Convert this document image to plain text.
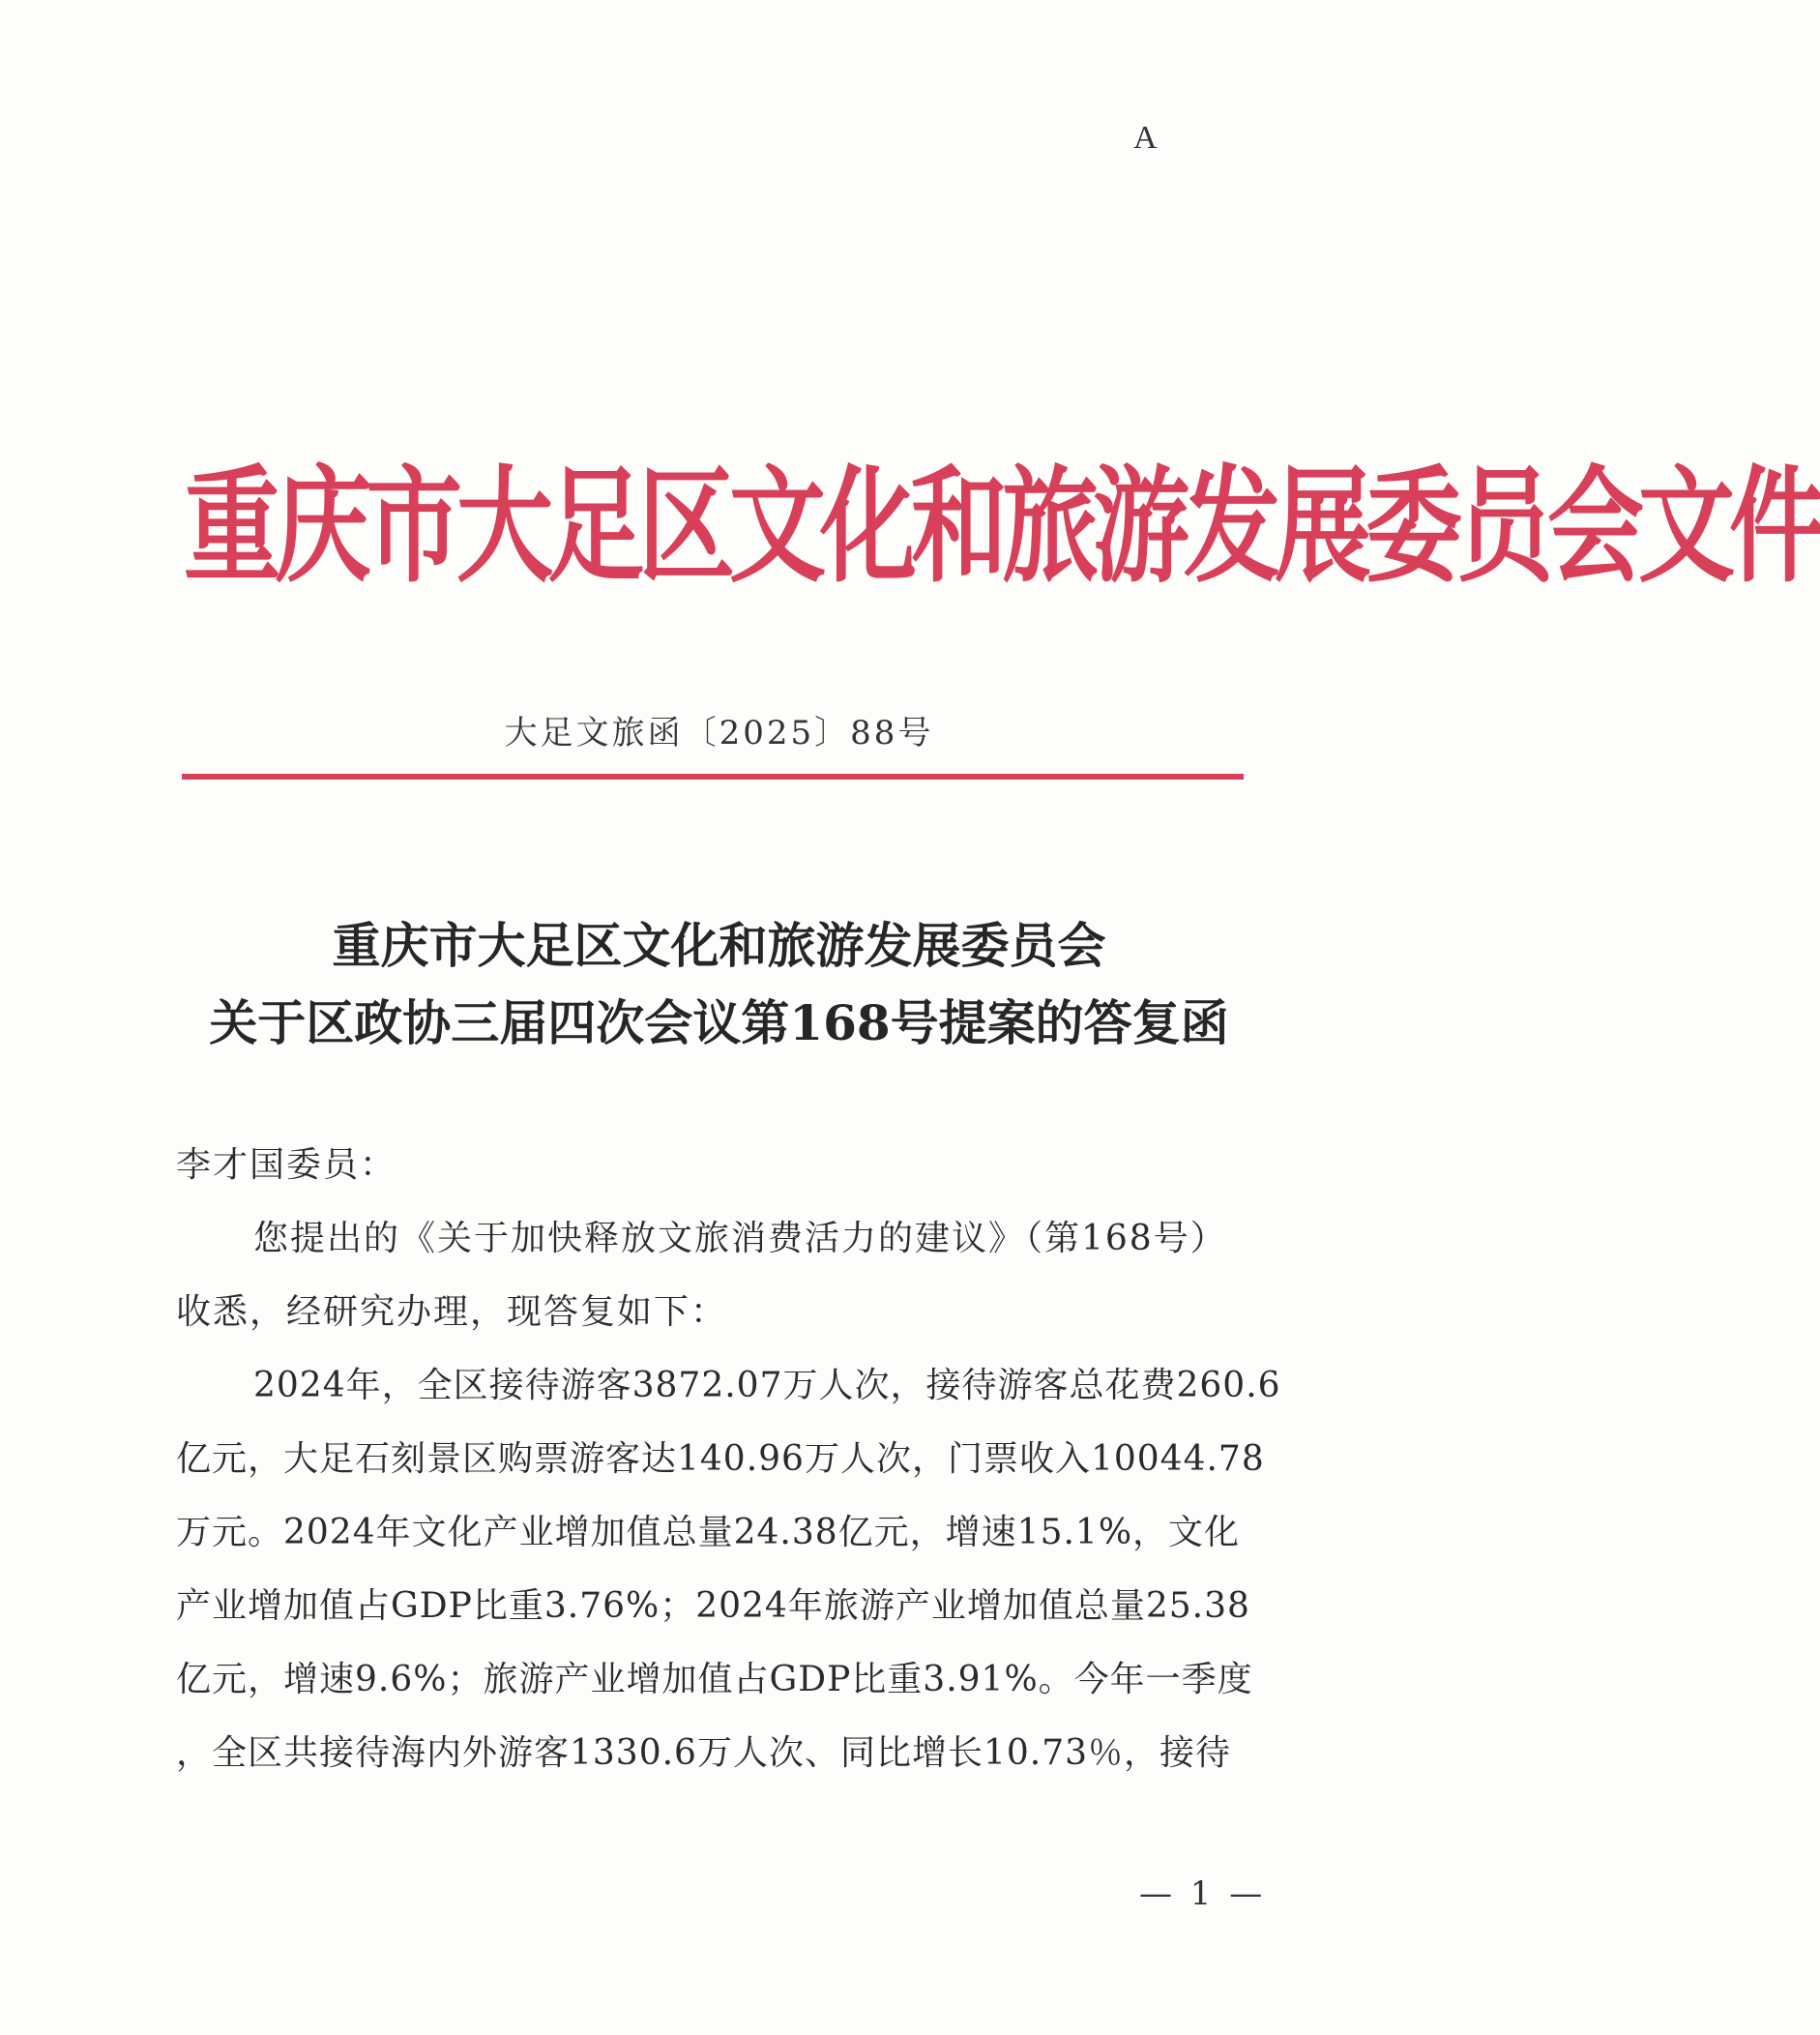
A
重庆市大足区文化和旅游发展委员会文件
大足文旅函〔2025〕88号
重庆市大足区文化和旅游发展委员会
关于区政协三届四次会议第168号提案的答复函

李才国委员：

您提出的《关于加快释放文旅消费活力的建议》（第168号）

收悉，经研究办理，现答复如下：

2024年，全区接待游客3872.07万人次，接待游客总花费260.6

亿元，大足石刻景区购票游客达140.96万人次，门票收入10044.78

万元。2024年文化产业增加值总量24.38亿元，增速15.1%，文化

产业增加值占GDP比重3.76%；2024年旅游产业增加值总量25.38

亿元，增速9.6%；旅游产业增加值占GDP比重3.91%。今年一季度

，全区共接待海内外游客1330.6万人次、同比增长10.73％，接待

— 1 —
